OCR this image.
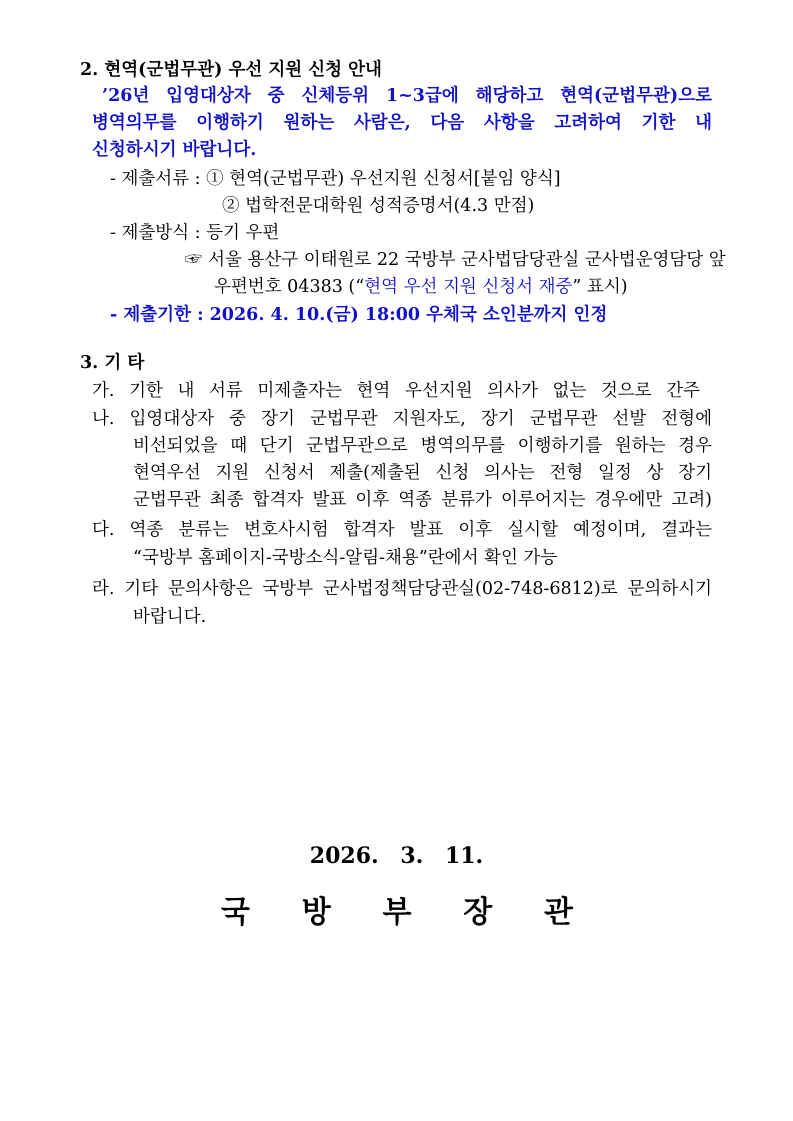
2. 현역(군법무관) 우선 지원 신청 안내
’26년 입영대상자 중 신체등위 1~3급에 해당하고 현역(군법무관)으로
병역의무를 이행하기 원하는 사람은, 다음 사항을 고려하여 기한 내
신청하시기 바랍니다.
- 제출서류 : ① 현역(군법무관) 우선지원 신청서[붙임 양식]
② 법학전문대학원 성적증명서(4.3 만점)
- 제출방식 : 등기 우편
☞ 서울 용산구 이태원로 22 국방부 군사법담당관실 군사법운영담당 앞
우편번호 04383 (“현역 우선 지원 신청서 재중” 표시)
- 제출기한 : 2026. 4. 10.(금) 18:00 우체국 소인분까지 인정
3. 기 타
가. 기한 내 서류 미제출자는 현역 우선지원 의사가 없는 것으로 간주
나. 입영대상자 중 장기 군법무관 지원자도, 장기 군법무관 선발 전형에
비선되었을 때 단기 군법무관으로 병역의무를 이행하기를 원하는 경우
현역우선 지원 신청서 제출(제출된 신청 의사는 전형 일정 상 장기
군법무관 최종 합격자 발표 이후 역종 분류가 이루어지는 경우에만 고려)
다. 역종 분류는 변호사시험 합격자 발표 이후 실시할 예정이며, 결과는
“국방부 홈페이지-국방소식-알림-채용”란에서 확인 가능
라. 기타 문의사항은 국방부 군사법정책담당관실(02-748-6812)로 문의하시기
바랍니다.
2026. 3. 11.
국 방 부 장 관
